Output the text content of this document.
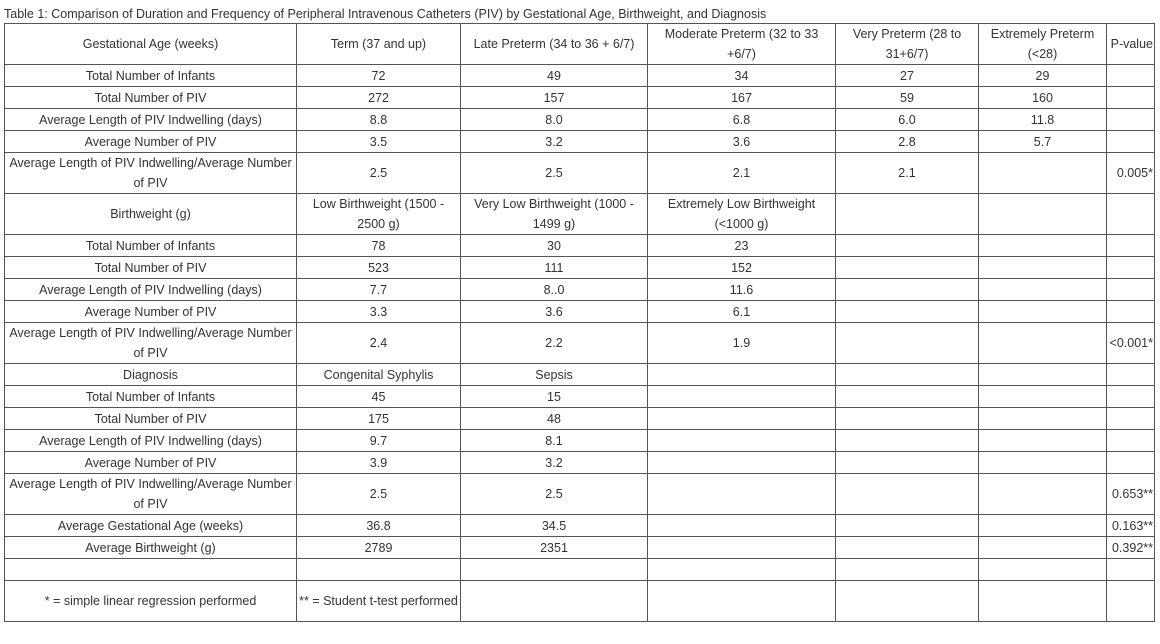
Table 1: Comparison of Duration and Frequency of Peripheral Intravenous Catheters (PIV) by Gestational Age, Birthweight, and Diagnosis
Gestational Age (weeks)	Term (37 and up)	Late Preterm (34 to 36 + 6/7)	Moderate Preterm (32 to 33 +6/7)	Very Preterm (28 to 31+6/7)	Extremely Preterm (<28)	P-value
Total Number of Infants	72	49	34	27	29	
Total Number of PIV	272	157	167	59	160	
Average Length of PIV Indwelling (days)	8.8	8.0	6.8	6.0	11.8	
Average Number of PIV	3.5	3.2	3.6	2.8	5.7	
Average Length of PIV Indwelling/Average Number of PIV	2.5	2.5	2.1	2.1		0.005*
Birthweight (g)	Low Birthweight (1500 - 2500 g)	Very Low Birthweight (1000 - 1499 g)	Extremely Low Birthweight (<1000 g)			
Total Number of Infants	78	30	23			
Total Number of PIV	523	111	152			
Average Length of PIV Indwelling (days)	7.7	8..0	11.6			
Average Number of PIV	3.3	3.6	6.1			
Average Length of PIV Indwelling/Average Number of PIV	2.4	2.2	1.9			<0.001*
Diagnosis	Congenital Syphylis	Sepsis				
Total Number of Infants	45	15				
Total Number of PIV	175	48				
Average Length of PIV Indwelling (days)	9.7	8.1				
Average Number of PIV	3.9	3.2				
Average Length of PIV Indwelling/Average Number of PIV	2.5	2.5				0.653**
Average Gestational Age (weeks)	36.8	34.5				0.163**
Average Birthweight (g)	2789	2351				0.392**

* = simple linear regression performed	** = Student t-test performed					
